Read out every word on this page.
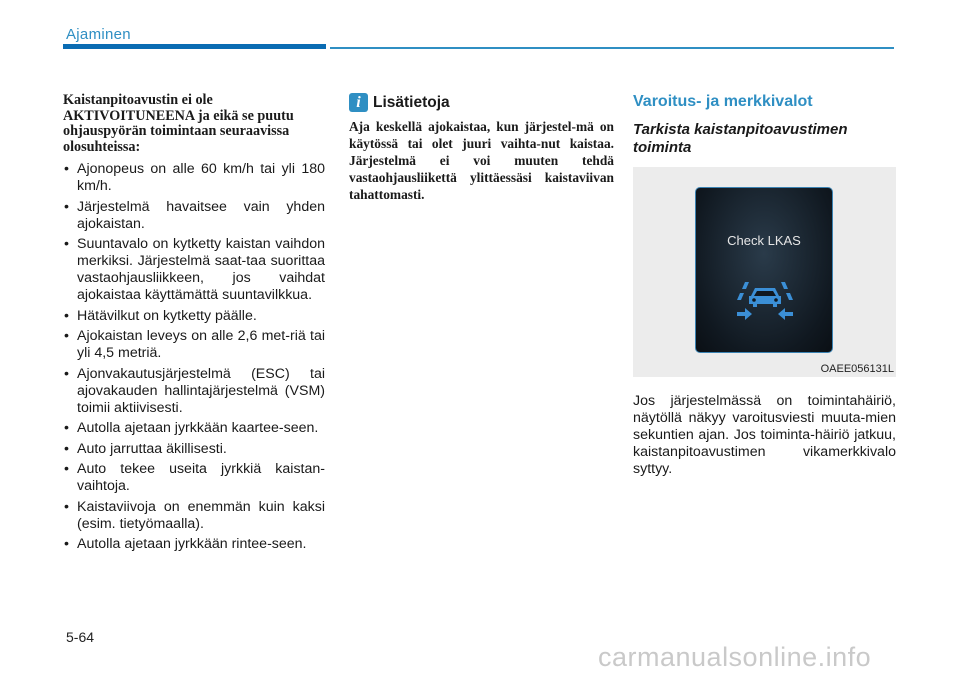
Ajaminen

Kaistanpitoavustin ei ole AKTIVOITUNEENA ja eikä se puutu ohjauspyörän toimintaan seuraavissa olosuhteissa:

• Ajonopeus on alle 60 km/h tai yli 180 km/h.
• Järjestelmä havaitsee vain yhden ajokaistan.
• Suuntavalo on kytketty kaistan vaihdon merkiksi. Järjestelmä saat-taa suorittaa vastaohjausliikkeen, jos vaihdat ajokaistaa käyttämättä suuntavilkkua.
• Hätävilkut on kytketty päälle.
• Ajokaistan leveys on alle 2,6 met-riä tai yli 4,5 metriä.
• Ajonvakautusjärjestelmä (ESC) tai ajovakauden hallintajärjestelmä (VSM) toimii aktiivisesti.
• Autolla ajetaan jyrkkään kaartee-seen.
• Auto jarruttaa äkillisesti.
• Auto tekee useita jyrkkiä kaistan-vaihtoja.
• Kaistaviivoja on enemmän kuin kaksi (esim. tietyömaalla).
• Autolla ajetaan jyrkkään rintee-seen.
i Lisätietoja

Aja keskellä ajokaistaa, kun järjestel-mä on käytössä tai olet juuri vaihta-nut kaistaa. Järjestelmä ei voi muuten tehdä vastaohjausliikettä ylittäessäsi kaistaviivan tahattomasti.

Varoitus- ja merkkivalot
Tarkista kaistanpitoavustimen toiminta
Check LKAS
OAEE056131L

Jos järjestelmässä on toimintahäiriö, näytöllä näkyy varoitusviesti muuta-mien sekuntien ajan. Jos toiminta-häiriö jatkuu, kaistanpitoavustimen vikamerkkivalo syttyy.

5-64
carmanualsonline.info
